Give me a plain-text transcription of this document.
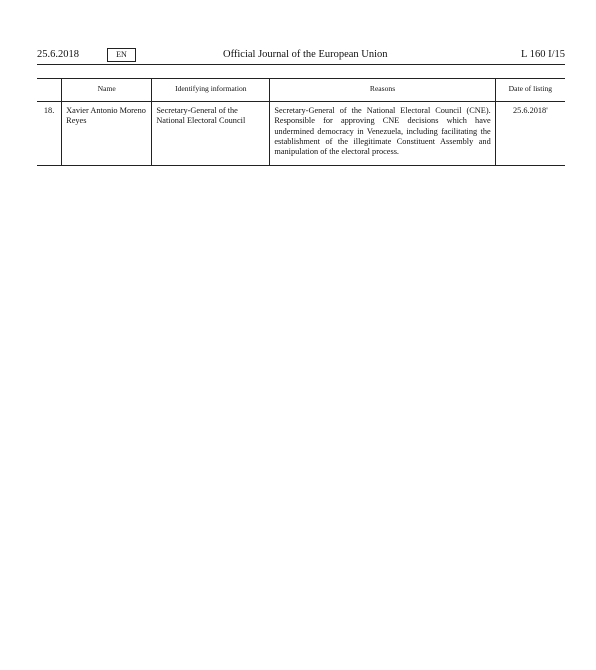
25.6.2018	EN	Official Journal of the European Union	L 160 I/15
	Name	Identifying information	Reasons	Date of listing
18.	Xavier Antonio Moreno Reyes	Secretary-General of the National Electoral Council	Secretary-General of the National Electoral Council (CNE). Responsible for approving CNE decisions which have undermined democracy in Venezuela, including facilitating the establishment of the illegitimate Constituent Assembly and manipulation of the electoral process.	25.6.2018'
